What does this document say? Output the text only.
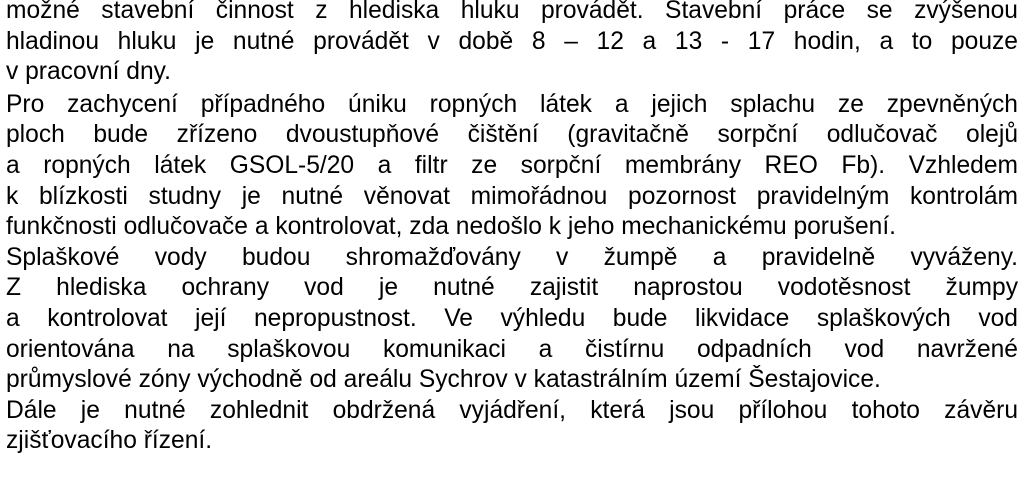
možné stavební činnost z hlediska hluku provádět. Stavební práce se zvýšenou
hladinou hluku je nutné provádět v době 8 – 12 a 13 - 17 hodin, a to pouze
v pracovní dny.
Pro zachycení případného úniku ropných látek a jejich splachu ze zpevněných
ploch bude zřízeno dvoustupňové čištění (gravitačně sorpční odlučovač olejů
a ropných látek GSOL-5/20 a filtr ze sorpční membrány REO Fb). Vzhledem
k blízkosti studny je nutné věnovat mimořádnou pozornost pravidelným kontrolám
funkčnosti odlučovače a kontrolovat, zda nedošlo k jeho mechanickému porušení.
Splaškové vody budou shromažďovány v žumpě a pravidelně vyváženy.
Z hlediska ochrany vod je nutné zajistit naprostou vodotěsnost žumpy
a kontrolovat její nepropustnost. Ve výhledu bude likvidace splaškových vod
orientována na splaškovou komunikaci a čistírnu odpadních vod navržené
průmyslové zóny východně od areálu Sychrov v katastrálním území Šestajovice.
Dále je nutné zohlednit obdržená vyjádření, která jsou přílohou tohoto závěru
zjišťovacího řízení.
